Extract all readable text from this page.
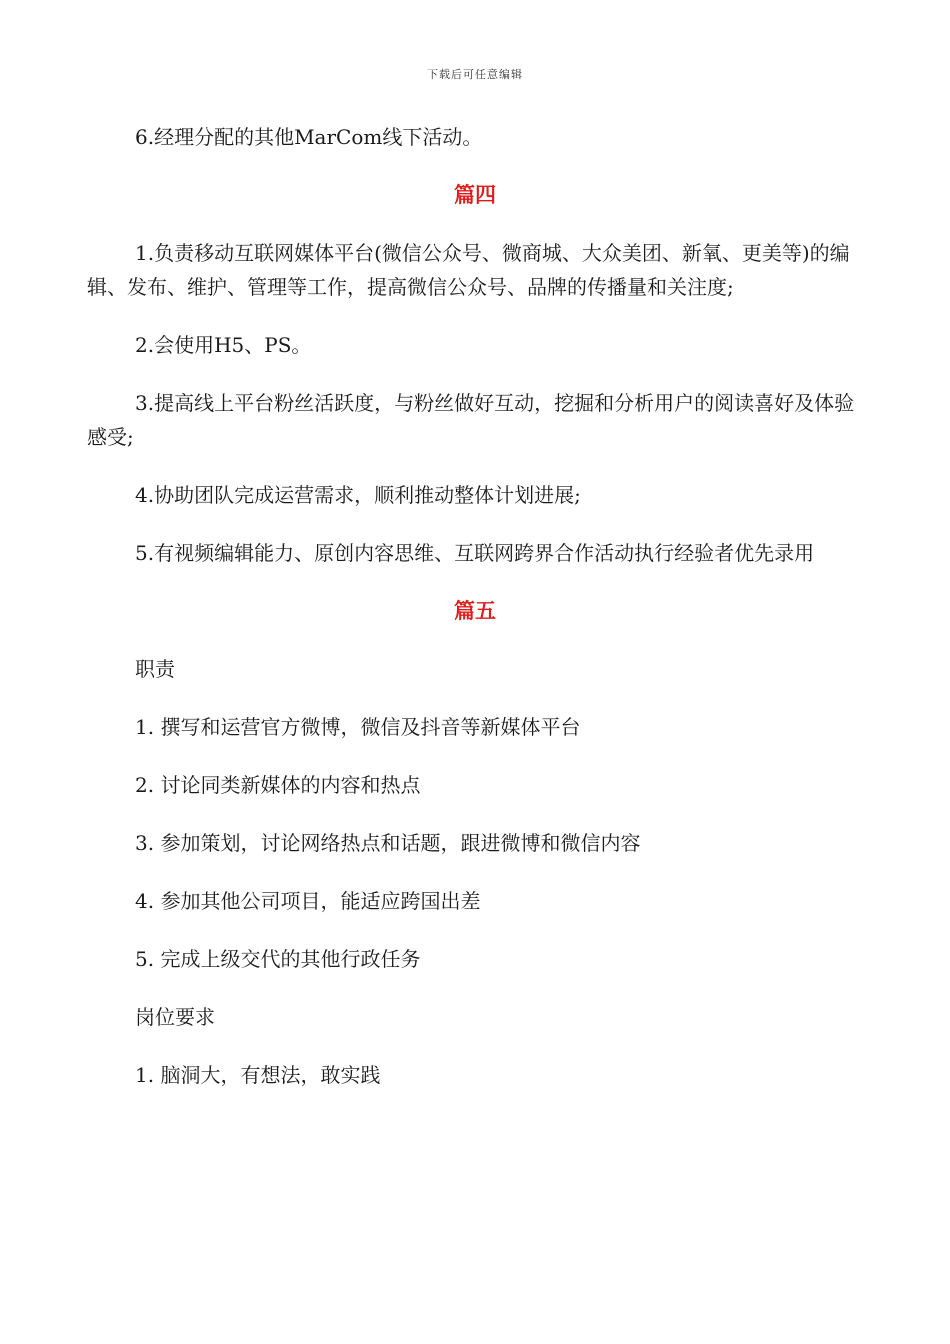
下载后可任意编辑

6.经理分配的其他MarCom线下活动。

篇四

1.负责移动互联网媒体平台(微信公众号、微商城、大众美团、新氧、更美等)的编辑、发布、维护、管理等工作，提高微信公众号、品牌的传播量和关注度;

2.会使用H5、PS。

3.提高线上平台粉丝活跃度，与粉丝做好互动，挖掘和分析用户的阅读喜好及体验感受;

4.协助团队完成运营需求，顺利推动整体计划进展;

5.有视频编辑能力、原创内容思维、互联网跨界合作活动执行经验者优先录用

篇五

职责

1. 撰写和运营官方微博，微信及抖音等新媒体平台

2. 讨论同类新媒体的内容和热点

3. 参加策划，讨论网络热点和话题，跟进微博和微信内容

4. 参加其他公司项目，能适应跨国出差

5. 完成上级交代的其他行政任务

岗位要求

1. 脑洞大，有想法，敢实践
